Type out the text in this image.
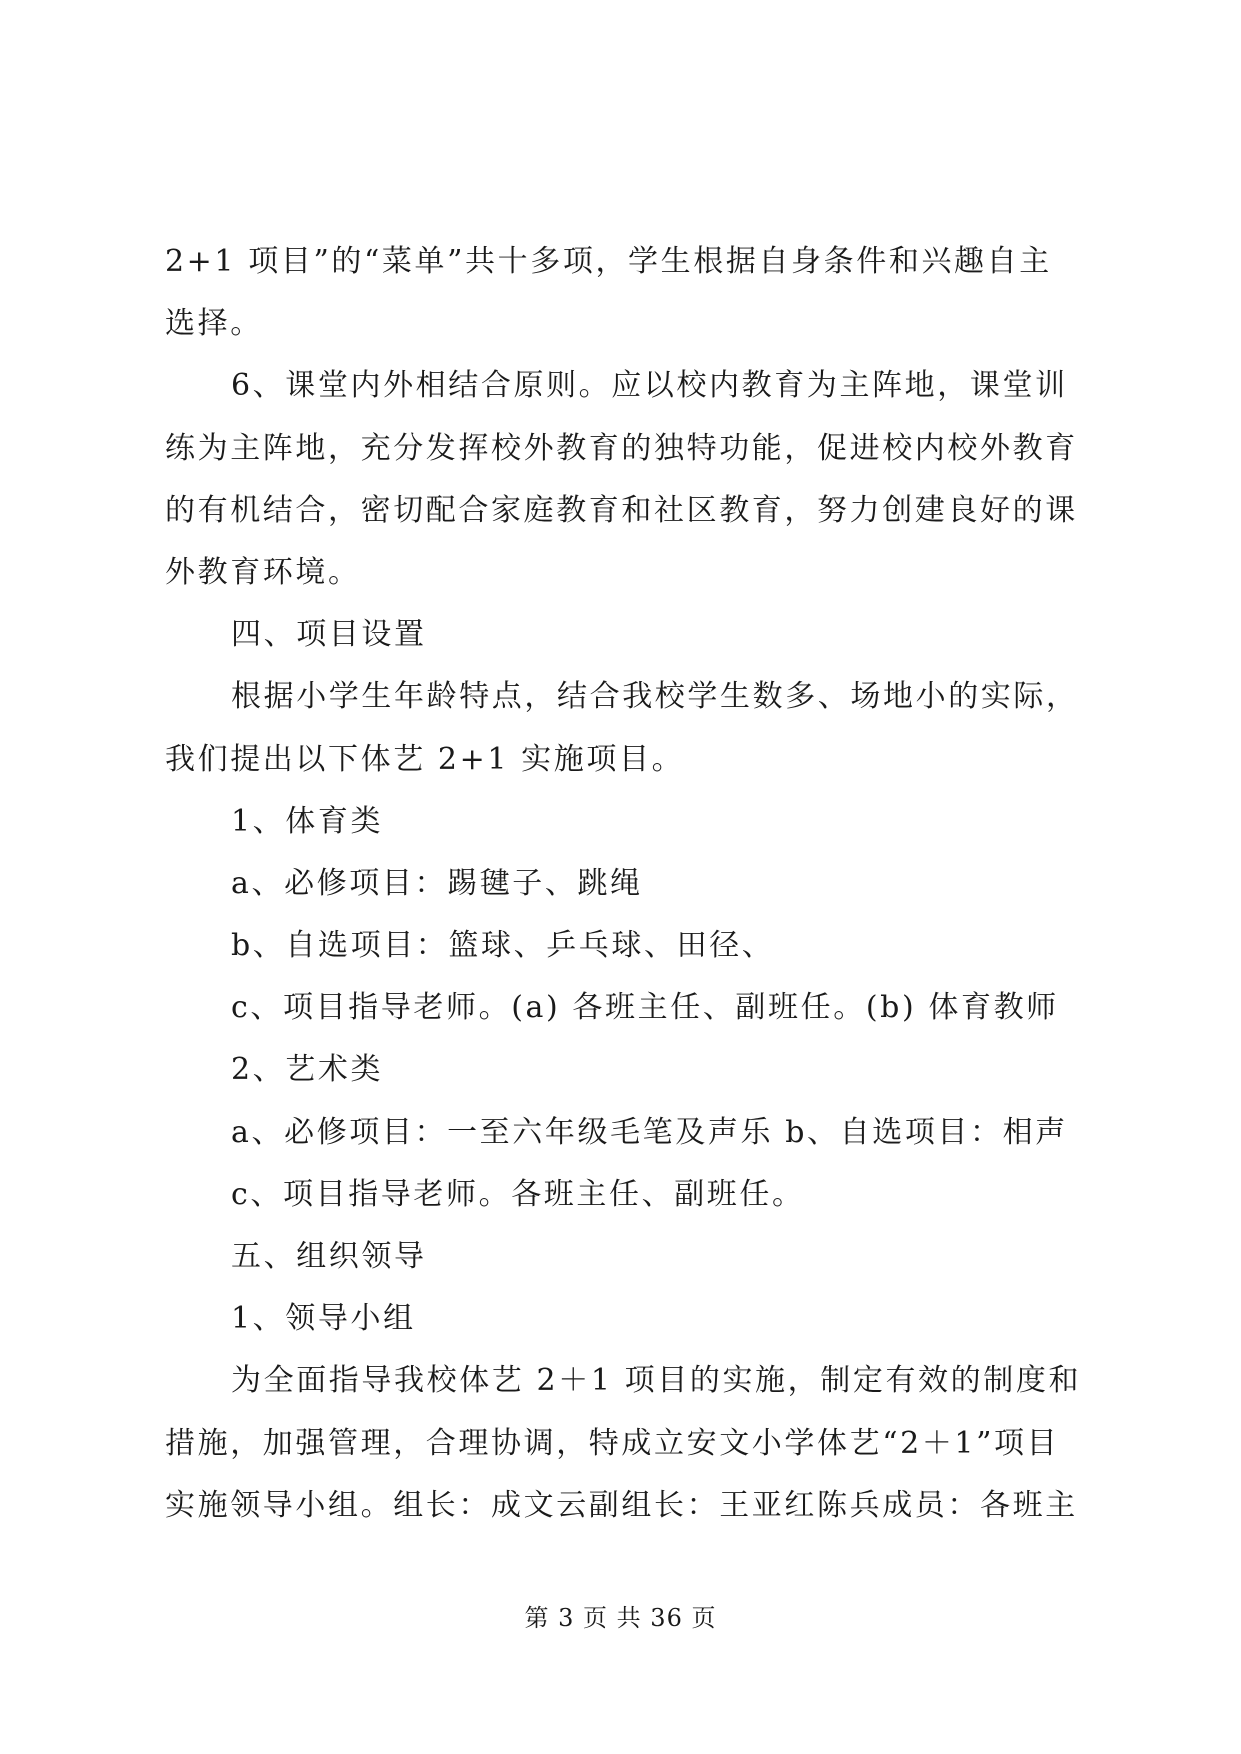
2+1 项目”的“菜单”共十多项，学生根据自身条件和兴趣自主
选择。
6、课堂内外相结合原则。应以校内教育为主阵地，课堂训
练为主阵地，充分发挥校外教育的独特功能，促进校内校外教育
的有机结合，密切配合家庭教育和社区教育，努力创建良好的课
外教育环境。
四、项目设置
根据小学生年龄特点，结合我校学生数多、场地小的实际，
我们提出以下体艺 2+1 实施项目。
1、体育类
a、必修项目：踢毽子、跳绳
b、自选项目：篮球、乒乓球、田径、
c、项目指导老师。(a) 各班主任、副班任。(b) 体育教师
2、艺术类
a、必修项目：一至六年级毛笔及声乐 b、自选项目：相声
c、项目指导老师。各班主任、副班任。
五、组织领导
1、领导小组
为全面指导我校体艺 2＋1 项目的实施，制定有效的制度和
措施，加强管理，合理协调，特成立安文小学体艺“2＋1”项目
实施领导小组。组长：成文云副组长：王亚红陈兵成员：各班主
第 3 页 共 36 页
